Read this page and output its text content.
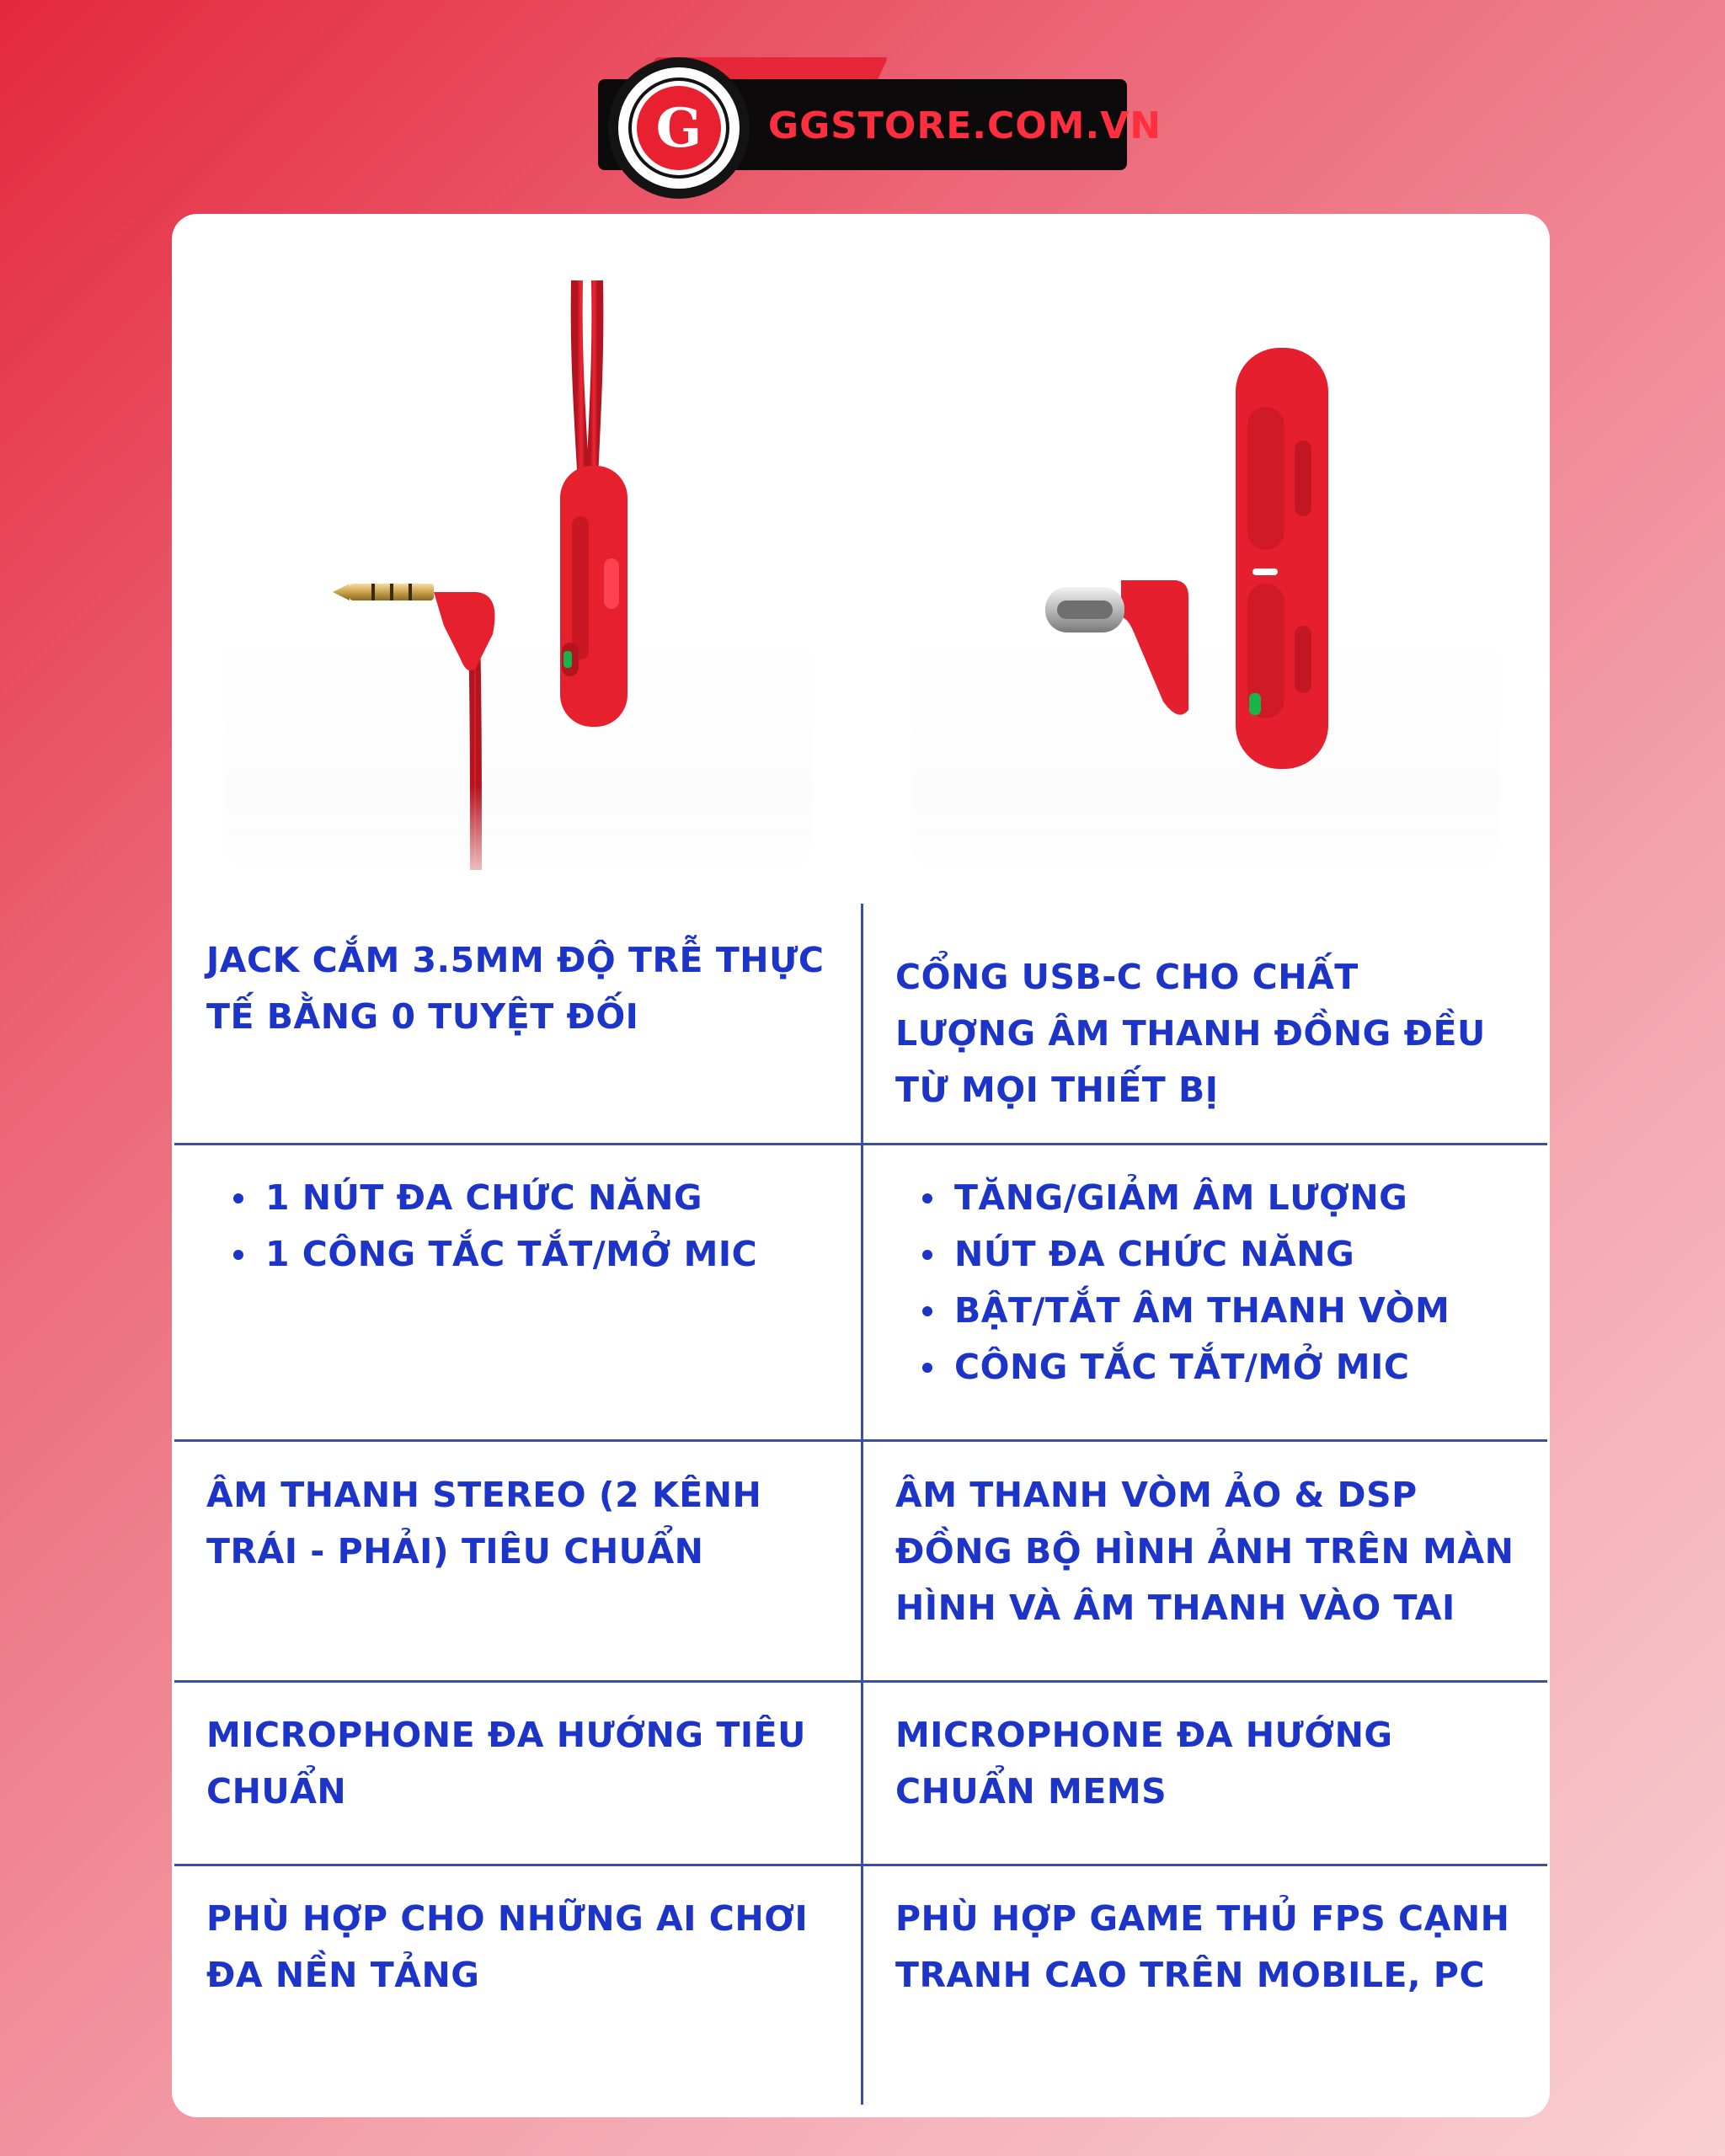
G GGSTORE.COM.VN
JACK CẮM 3.5MM ĐỘ TRỄ THỰC
TẾ BẰNG 0 TUYỆT ĐỐI
CỔNG USB-C CHO CHẤT
LƯỢNG ÂM THANH ĐỒNG ĐỀU
TỪ MỌI THIẾT BỊ
1 NÚT ĐA CHỨC NĂNG
1 CÔNG TẮC TẮT/MỞ MIC
TĂNG/GIẢM ÂM LƯỢNG
NÚT ĐA CHỨC NĂNG
BẬT/TẮT ÂM THANH VÒM
CÔNG TẮC TẮT/MỞ MIC
ÂM THANH STEREO (2 KÊNH
TRÁI - PHẢI) TIÊU CHUẨN
ÂM THANH VÒM ẢO & DSP
ĐỒNG BỘ HÌNH ẢNH TRÊN MÀN
HÌNH VÀ ÂM THANH VÀO TAI
MICROPHONE ĐA HƯỚNG TIÊU
CHUẨN
MICROPHONE ĐA HƯỚNG
CHUẨN MEMS
PHÙ HỢP CHO NHỮNG AI CHƠI
ĐA NỀN TẢNG
PHÙ HỢP GAME THỦ FPS CẠNH
TRANH CAO TRÊN MOBILE, PC
